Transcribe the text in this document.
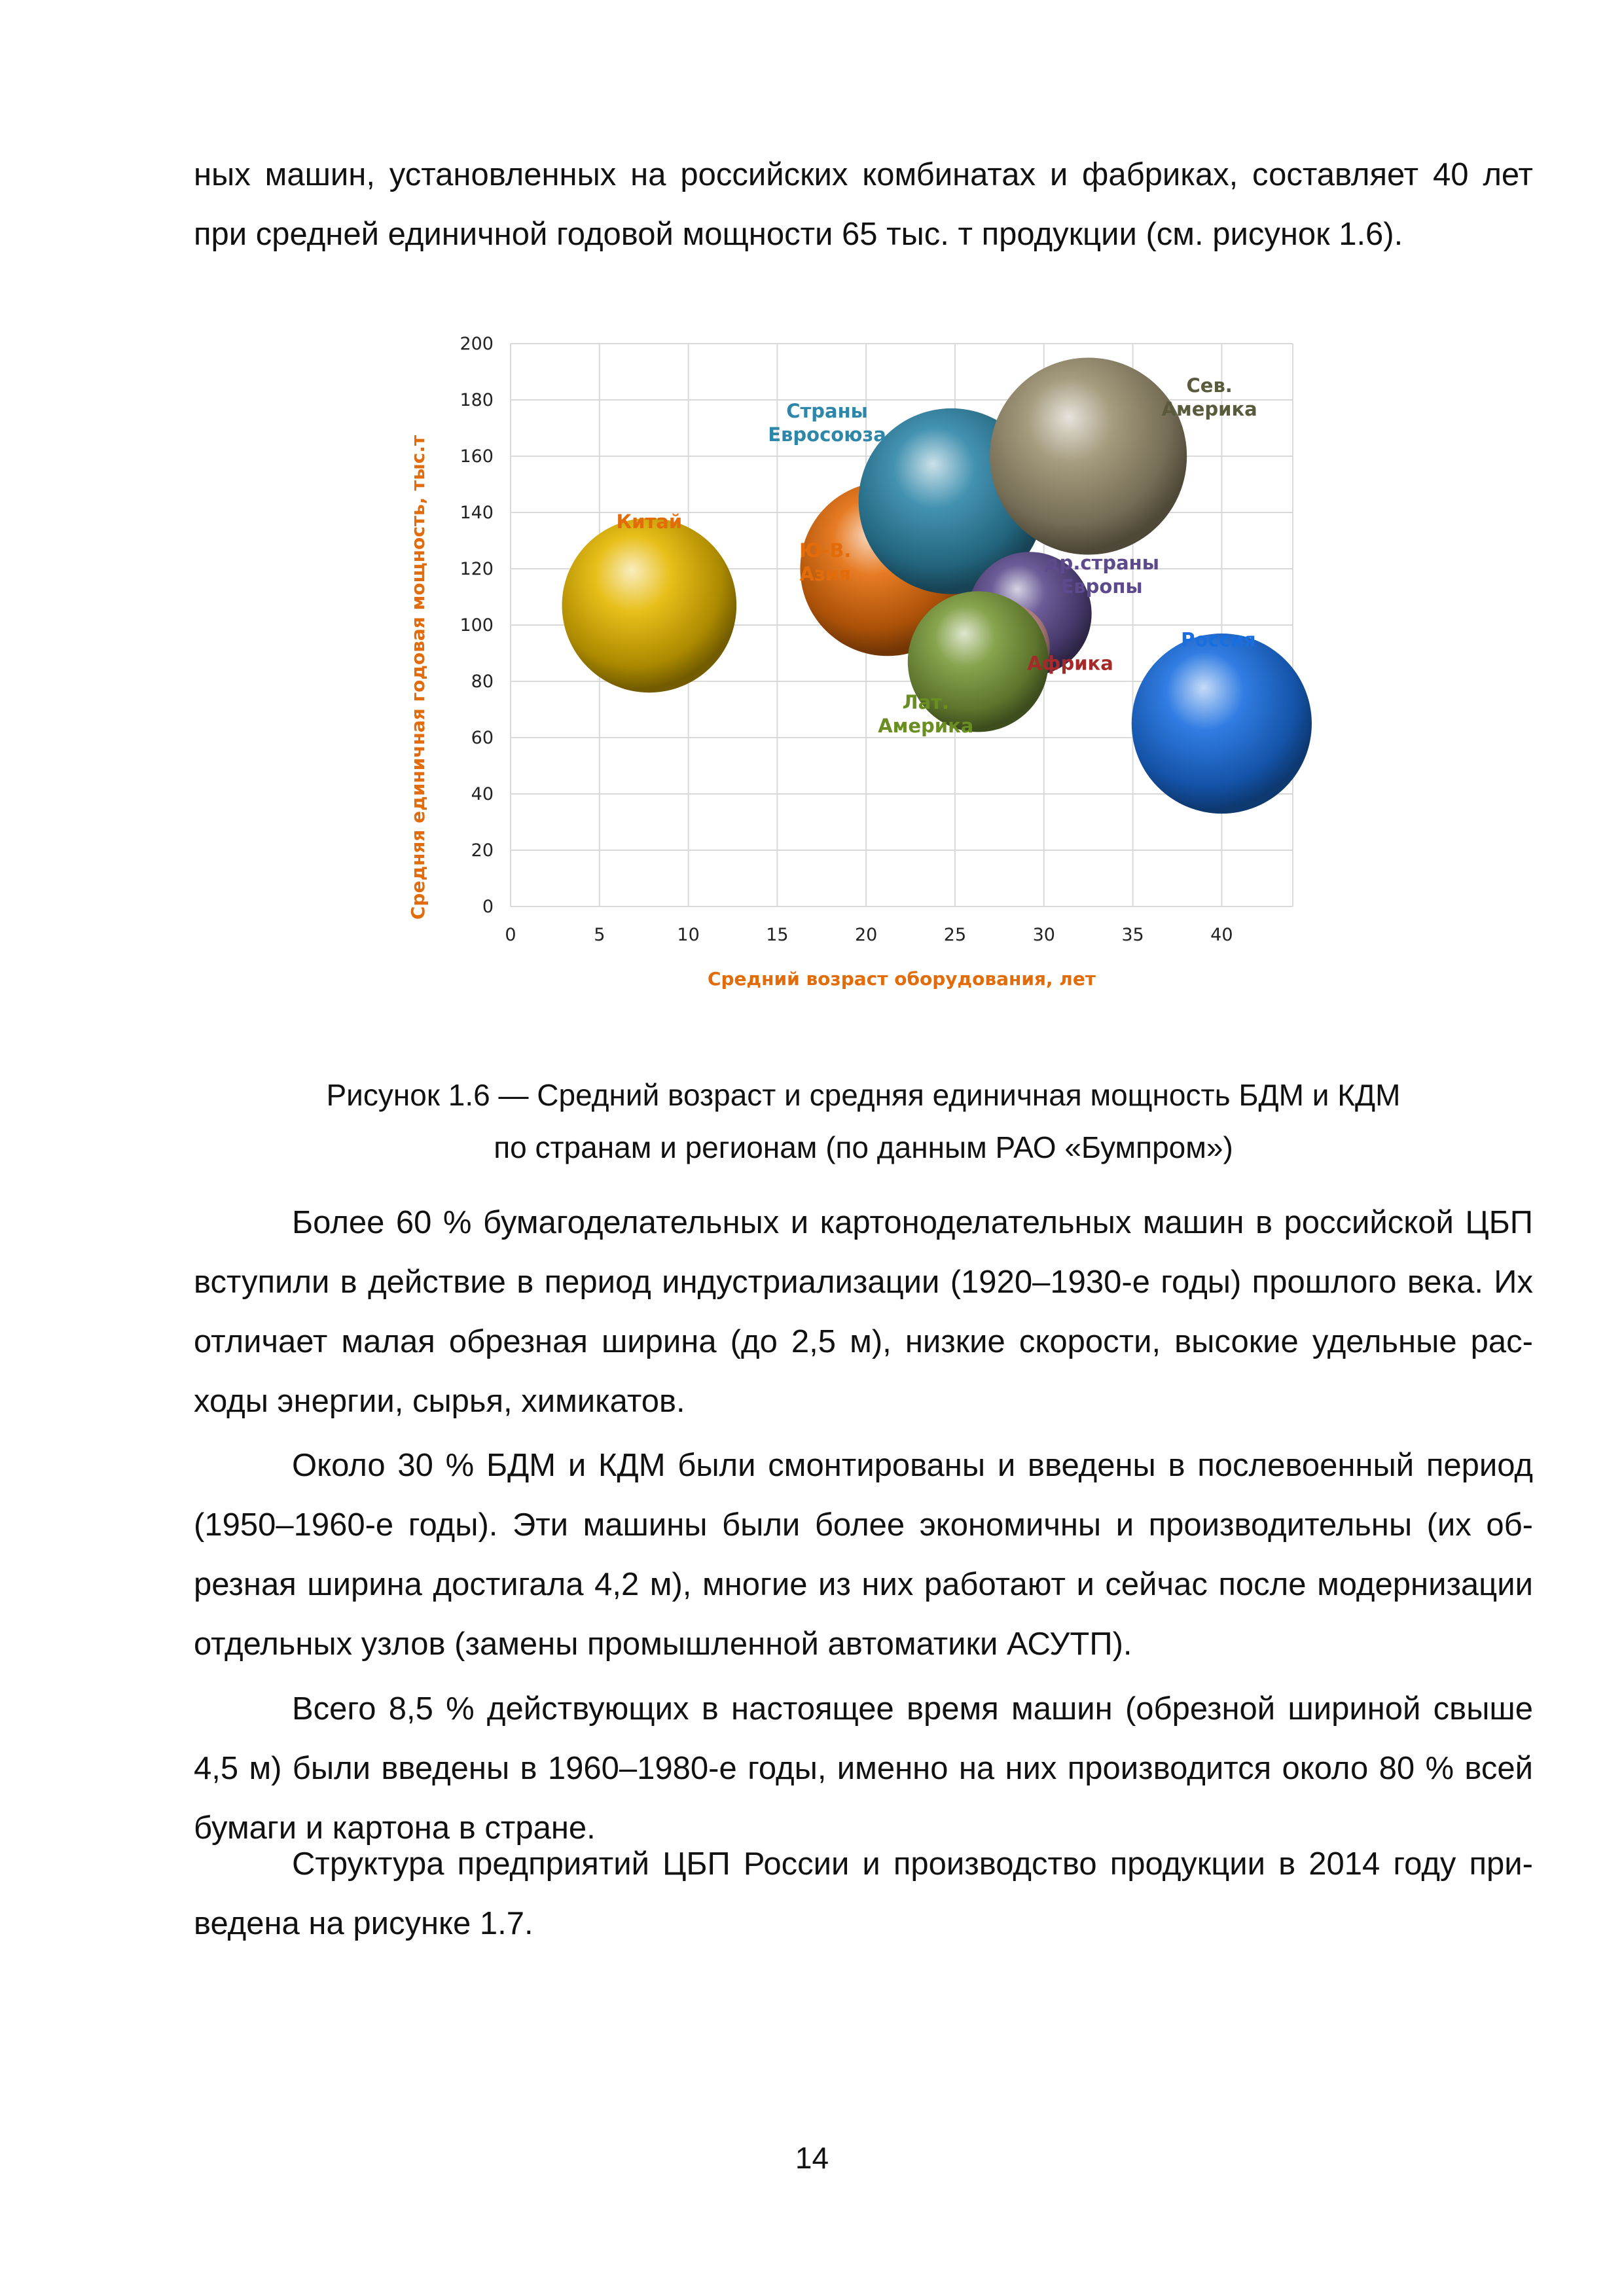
ных машин, установленных на российских комбинатах и фабриках, составляет 40 лет при средней единичной годовой мощности 65 тыс. т продукции (см. рисунок 1.6).

0	5	10	15	20	25	30	35	40
0
20
40
60
80
100
120
140
160
180
200
Китай
Ю-В.
Азия
Страны
Евросоюза
Сев.
Америка
др.страны
Европы
Африка
Лат.
Америка
Россия
Средний возраст оборудования, лет
Средняя единичная годовая мощность, тыс.т

Рисунок 1.6 — Средний возраст и средняя единичная мощность БДМ и КДМ

по странам и регионам (по данным РАО «Бумпром»)

Более 60 % бумагоделательных и картоноделательных машин в российской ЦБП вступили в действие в период индустриализации (1920–1930-е годы) прошлого века. Их отличает малая обрезная ширина (до 2,5 м), низкие скорости, высокие удельные расходы энергии, сырья, химикатов.

Около 30 % БДМ и КДМ были смонтированы и введены в послевоенный период (1950–1960-е годы). Эти машины были более экономичны и производительны (их обрезная ширина достигала 4,2 м), многие из них работают и сейчас после модернизации отдельных узлов (замены промышленной автоматики АСУТП).

Всего 8,5 % действующих в настоящее время машин (обрезной шириной свыше 4,5 м) были введены в 1960–1980-е годы, именно на них производится около 80 % всей бумаги и картона в стране.

Структура предприятий ЦБП России и производство продукции в 2014 году приведена на рисунке 1.7.

14
